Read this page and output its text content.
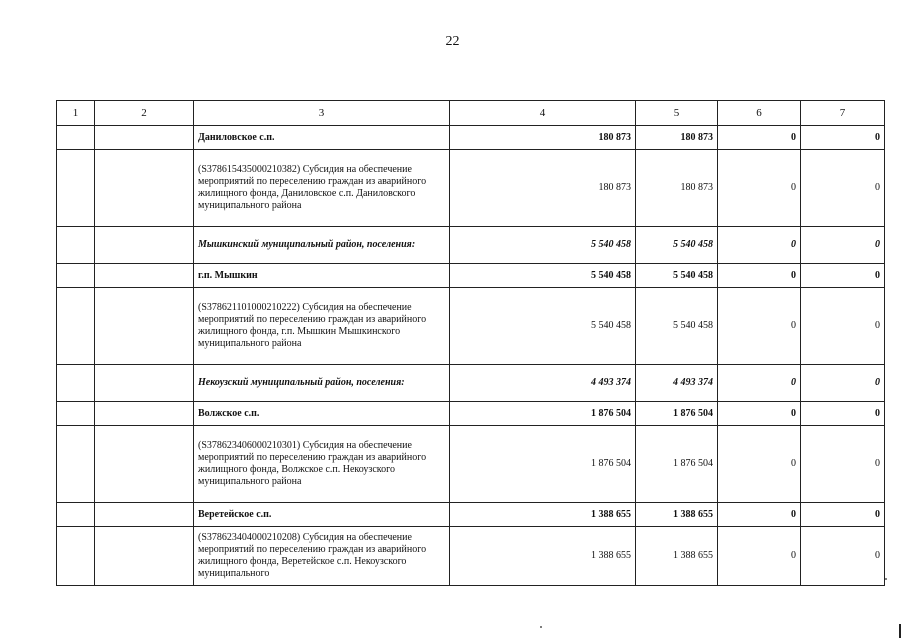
22
1	2	3	4	5	6	7
		Даниловское с.п.	180 873	180 873	0	0
		(S378615435000210382) Субсидия на обеспечение мероприятий по переселению граждан из аварийного жилищного фонда, Даниловское с.п. Даниловского муниципального района	180 873	180 873	0	0
		Мышкинский муниципальный район, поселения:	5 540 458	5 540 458	0	0
		г.п. Мышкин	5 540 458	5 540 458	0	0
		(S378621101000210222) Субсидия на обеспечение мероприятий по переселению граждан из аварийного жилищного фонда, г.п. Мышкин Мышкинского муниципального района	5 540 458	5 540 458	0	0
		Некоузский муниципальный район, поселения:	4 493 374	4 493 374	0	0
		Волжское с.п.	1 876 504	1 876 504	0	0
		(S378623406000210301) Субсидия на обеспечение мероприятий по переселению граждан из аварийного жилищного фонда, Волжское с.п. Некоузского муниципального района	1 876 504	1 876 504	0	0
		Веретейское с.п.	1 388 655	1 388 655	0	0
		(S378623404000210208) Субсидия на обеспечение мероприятий по переселению граждан из аварийного жилищного фонда, Веретейское с.п. Некоузского муниципального	1 388 655	1 388 655	0	0
